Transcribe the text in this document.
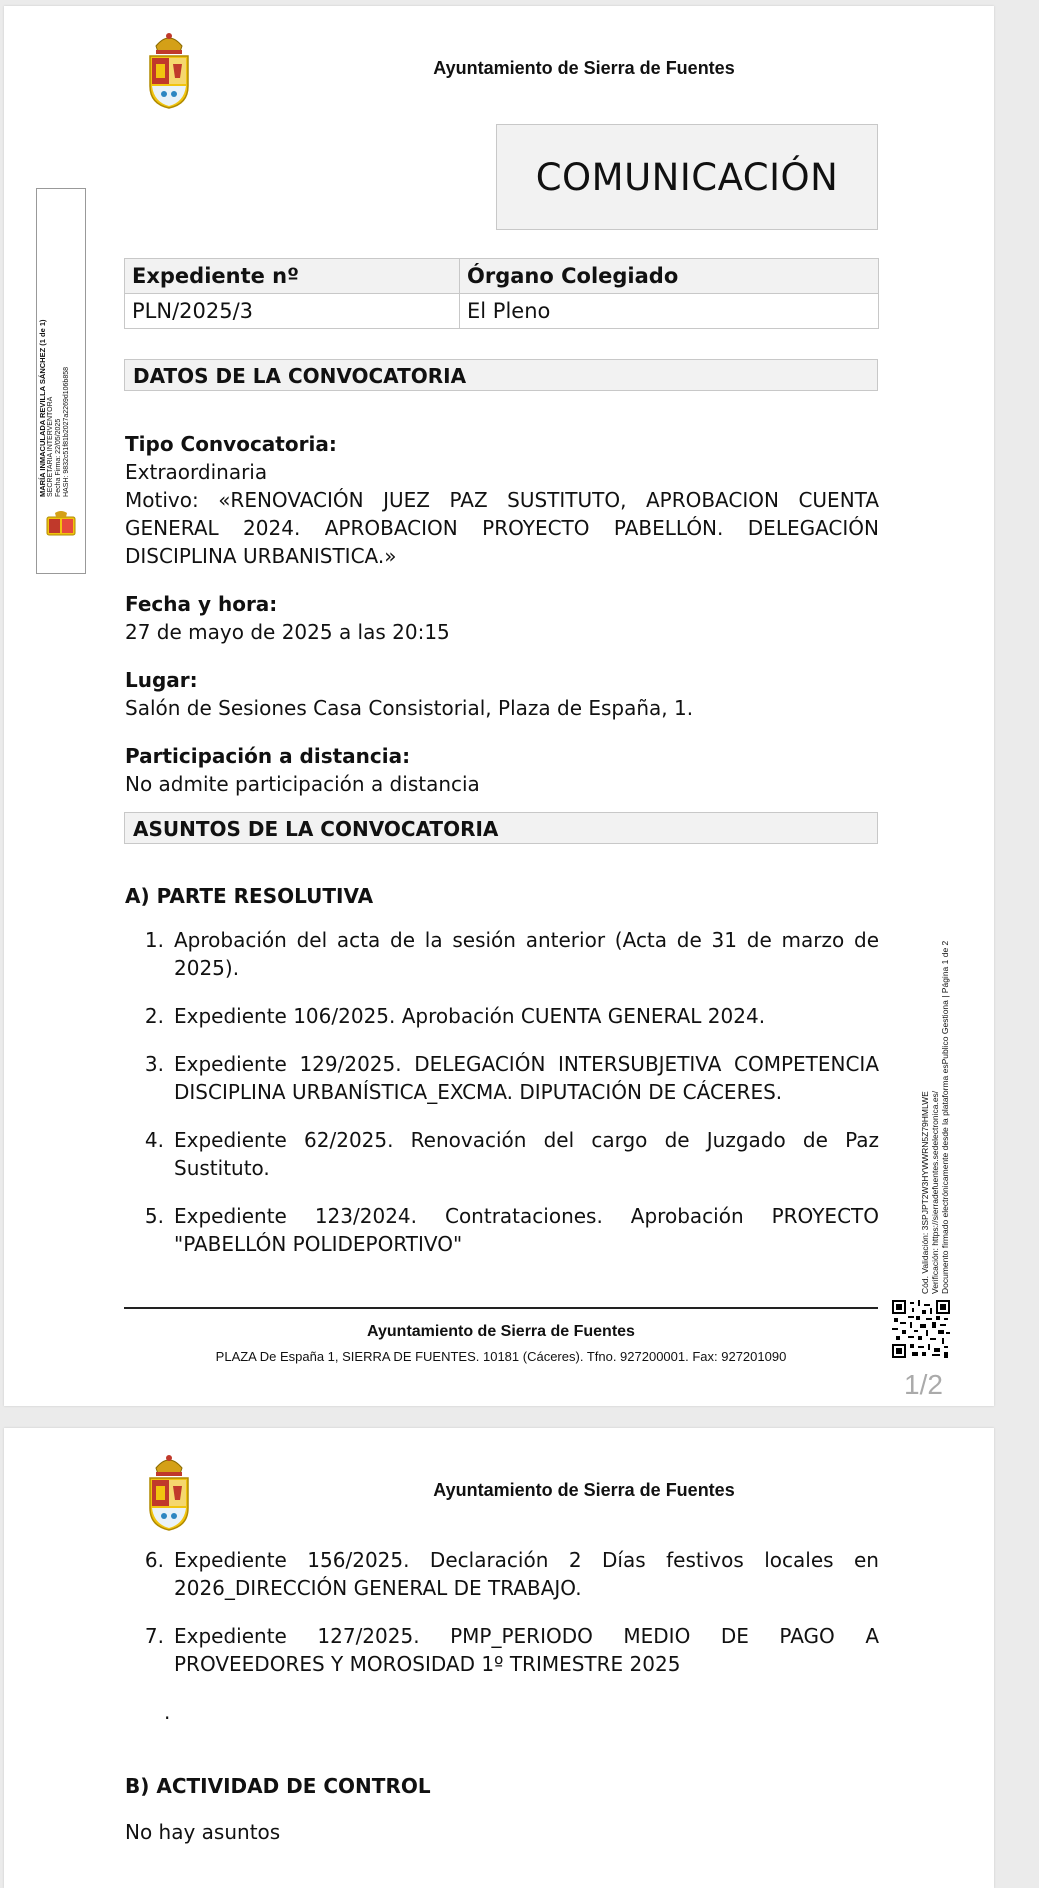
Ayuntamiento de Sierra de Fuentes
COMUNICACIÓN
Expediente nº	Órgano Colegiado
PLN/2025/3	El Pleno
DATOS DE LA CONVOCATORIA
Tipo Convocatoria:
Extraordinaria
Motivo: «RENOVACIÓN JUEZ PAZ SUSTITUTO, APROBACION CUENTA GENERAL 2024. APROBACION PROYECTO PABELLÓN. DELEGACIÓN DISCIPLINA URBANISTICA.»
Fecha y hora:
27 de mayo de 2025 a las 20:15
Lugar:
Salón de Sesiones Casa Consistorial, Plaza de España, 1.
Participación a distancia:
No admite participación a distancia
ASUNTOS DE LA CONVOCATORIA
A) PARTE RESOLUTIVA
1. Aprobación del acta de la sesión anterior (Acta de 31 de marzo de 2025).
2. Expediente 106/2025. Aprobación CUENTA GENERAL 2024.
3. Expediente 129/2025. DELEGACIÓN INTERSUBJETIVA COMPETENCIA DISCIPLINA URBANÍSTICA_EXCMA. DIPUTACIÓN DE CÁCERES.
4. Expediente 62/2025. Renovación del cargo de Juzgado de Paz Sustituto.
5. Expediente 123/2024. Contrataciones. Aprobación PROYECTO "PABELLÓN POLIDEPORTIVO"
Ayuntamiento de Sierra de Fuentes
PLAZA De España 1, SIERRA DE FUENTES. 10181 (Cáceres). Tfno. 927200001. Fax: 927201090
1/2
MARÍA INMACULADA REVILLA SÁNCHEZ (1 de 1) SECRETARIA INTERVENTORA Fecha Firma: 22/05/2025 HASH: 9832c51f81b2027a2269d106b858
Cód. Validación: 3SPJPT2W3HYWWRN5Z79HMLWE Verificación: https://sierradefuentes.sedelectronica.es/ Documento firmado electrónicamente desde la plataforma esPublico Gestiona | Página 1 de 2
Ayuntamiento de Sierra de Fuentes
6. Expediente 156/2025. Declaración 2 Días festivos locales en 2026_DIRECCIÓN GENERAL DE TRABAJO.
7. Expediente 127/2025. PMP_PERIODO MEDIO DE PAGO A PROVEEDORES Y MOROSIDAD 1º TRIMESTRE 2025
.
B) ACTIVIDAD DE CONTROL
No hay asuntos
